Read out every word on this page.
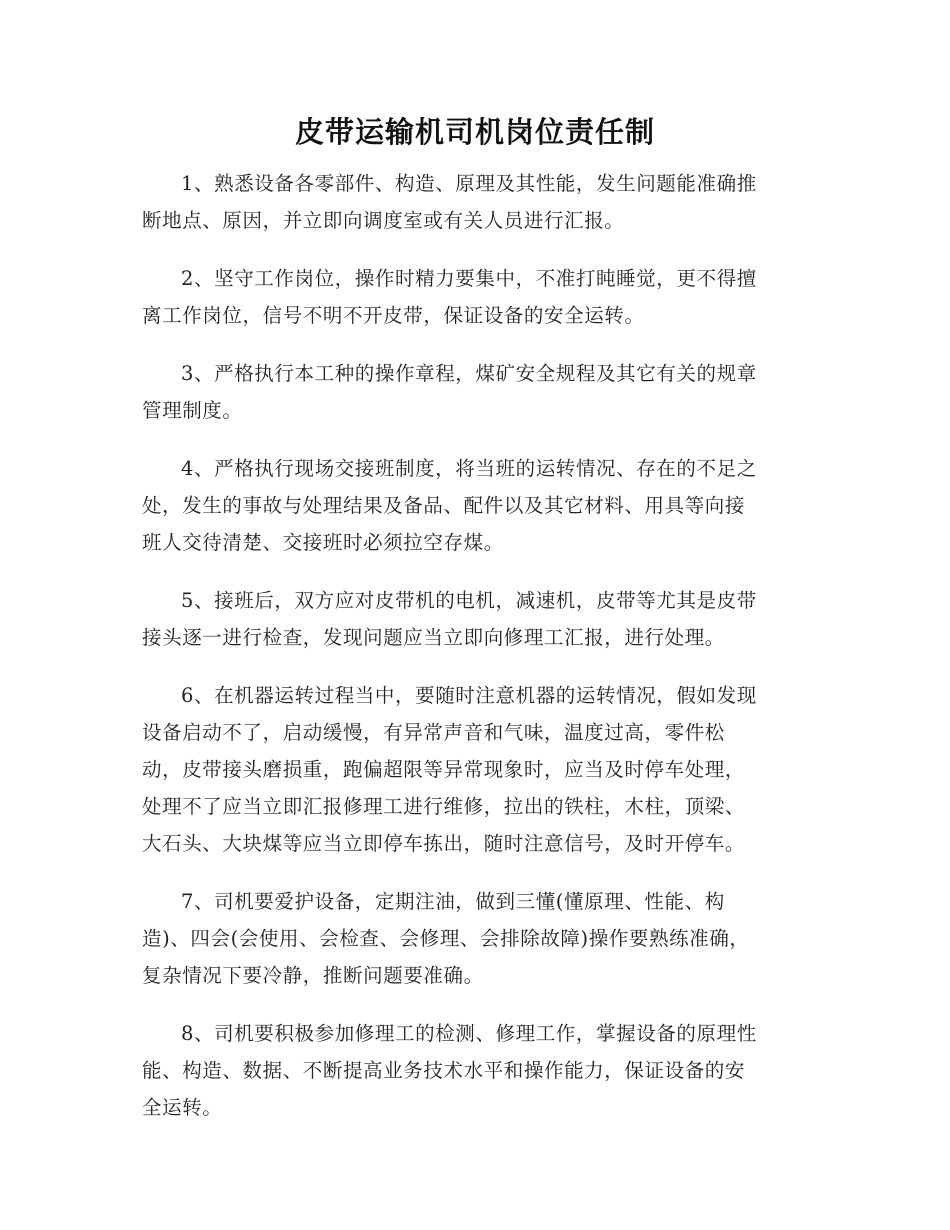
皮带运输机司机岗位责任制
1、熟悉设备各零部件、构造、原理及其性能，发生问题能准确推
断地点、原因，并立即向调度室或有关人员进行汇报。
2、坚守工作岗位，操作时精力要集中，不准打盹睡觉，更不得擅
离工作岗位，信号不明不开皮带，保证设备的安全运转。
3、严格执行本工种的操作章程，煤矿安全规程及其它有关的规章
管理制度。
4、严格执行现场交接班制度，将当班的运转情况、存在的不足之
处，发生的事故与处理结果及备品、配件以及其它材料、用具等向接
班人交待清楚、交接班时必须拉空存煤。
5、接班后，双方应对皮带机的电机，减速机，皮带等尤其是皮带
接头逐一进行检查，发现问题应当立即向修理工汇报，进行处理。
6、在机器运转过程当中，要随时注意机器的运转情况，假如发现
设备启动不了，启动缓慢，有异常声音和气味，温度过高，零件松
动，皮带接头磨损重，跑偏超限等异常现象时，应当及时停车处理，
处理不了应当立即汇报修理工进行维修，拉出的铁柱，木柱，顶梁、
大石头、大块煤等应当立即停车拣出，随时注意信号，及时开停车。
7、司机要爱护设备，定期注油，做到三懂(懂原理、性能、构
造)、四会(会使用、会检查、会修理、会排除故障)操作要熟练准确，
复杂情况下要冷静，推断问题要准确。
8、司机要积极参加修理工的检测、修理工作，掌握设备的原理性
能、构造、数据、不断提高业务技术水平和操作能力，保证设备的安
全运转。
